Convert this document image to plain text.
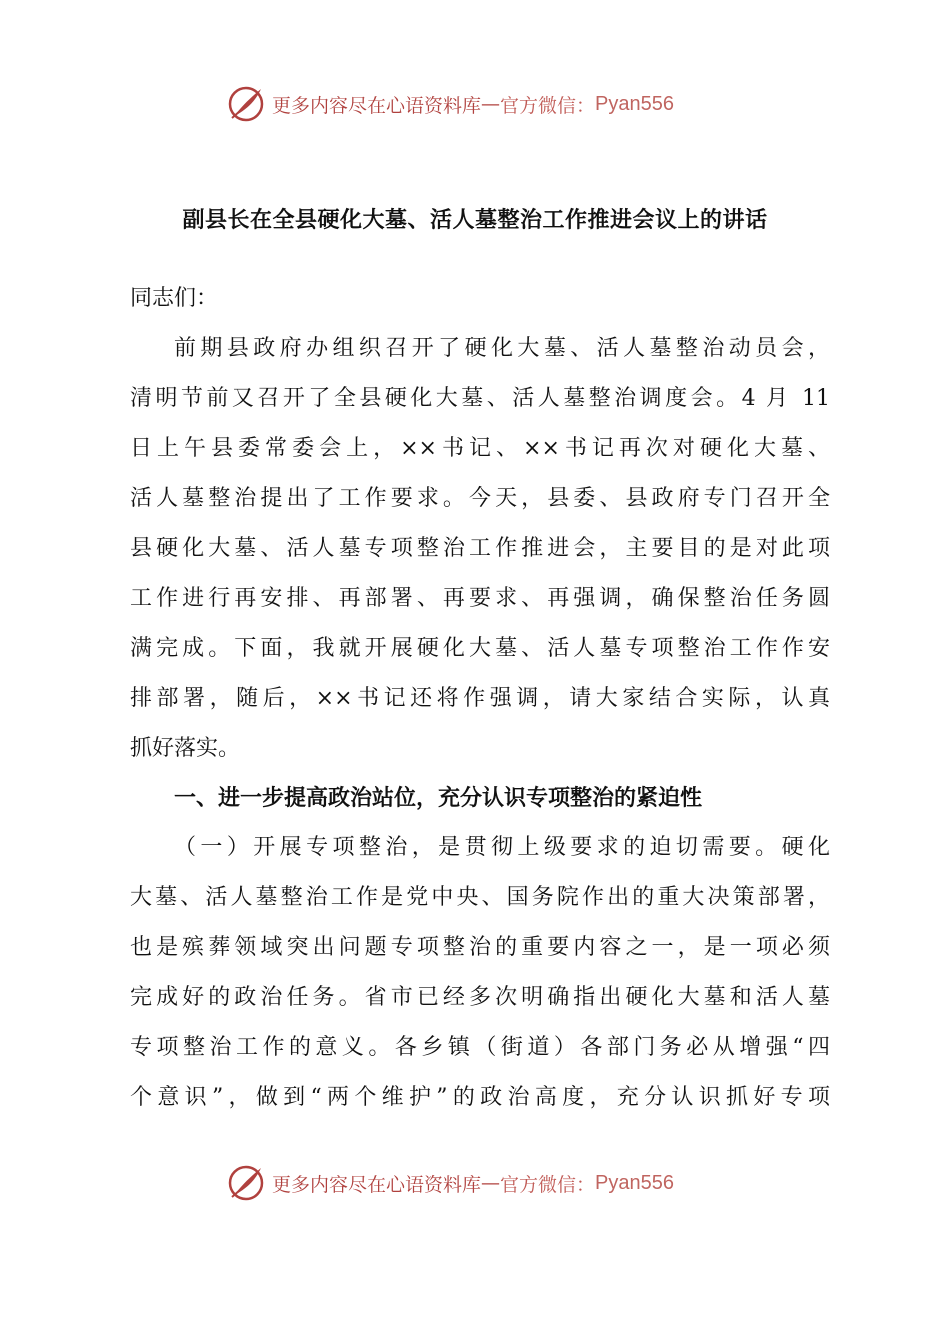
更多内容尽在心语资料库 — 官方微信： Pyan556
副县长在全县硬化大墓、活人墓整治工作推进会议上的讲话
同志们：
前期县政府办组织召开了硬化大墓、活人墓整治动员会，
清明节前又召开了全县硬化大墓、活人墓整治调度会。4 月 11
日上午县委常委会上，××书记、××书记再次对硬化大墓、
活人墓整治提出了工作要求。今天，县委、县政府专门召开全
县硬化大墓、活人墓专项整治工作推进会，主要目的是对此项
工作进行再安排、再部署、再要求、再强调，确保整治任务圆
满完成。下面，我就开展硬化大墓、活人墓专项整治工作作安
排部署，随后，××书记还将作强调，请大家结合实际，认真
抓好落实。
一、进一步提高政治站位，充分认识专项整治的紧迫性
（一）开展专项整治，是贯彻上级要求的迫切需要。硬化
大墓、活人墓整治工作是党中央、国务院作出的重大决策部署，
也是殡葬领域突出问题专项整治的重要内容之一，是一项必须
完成好的政治任务。省市已经多次明确指出硬化大墓和活人墓
专项整治工作的意义。各乡镇（街道）各部门务必从增强“四
个意识”，做到“两个维护”的政治高度，充分认识抓好专项
更多内容尽在心语资料库 — 官方微信： Pyan556
